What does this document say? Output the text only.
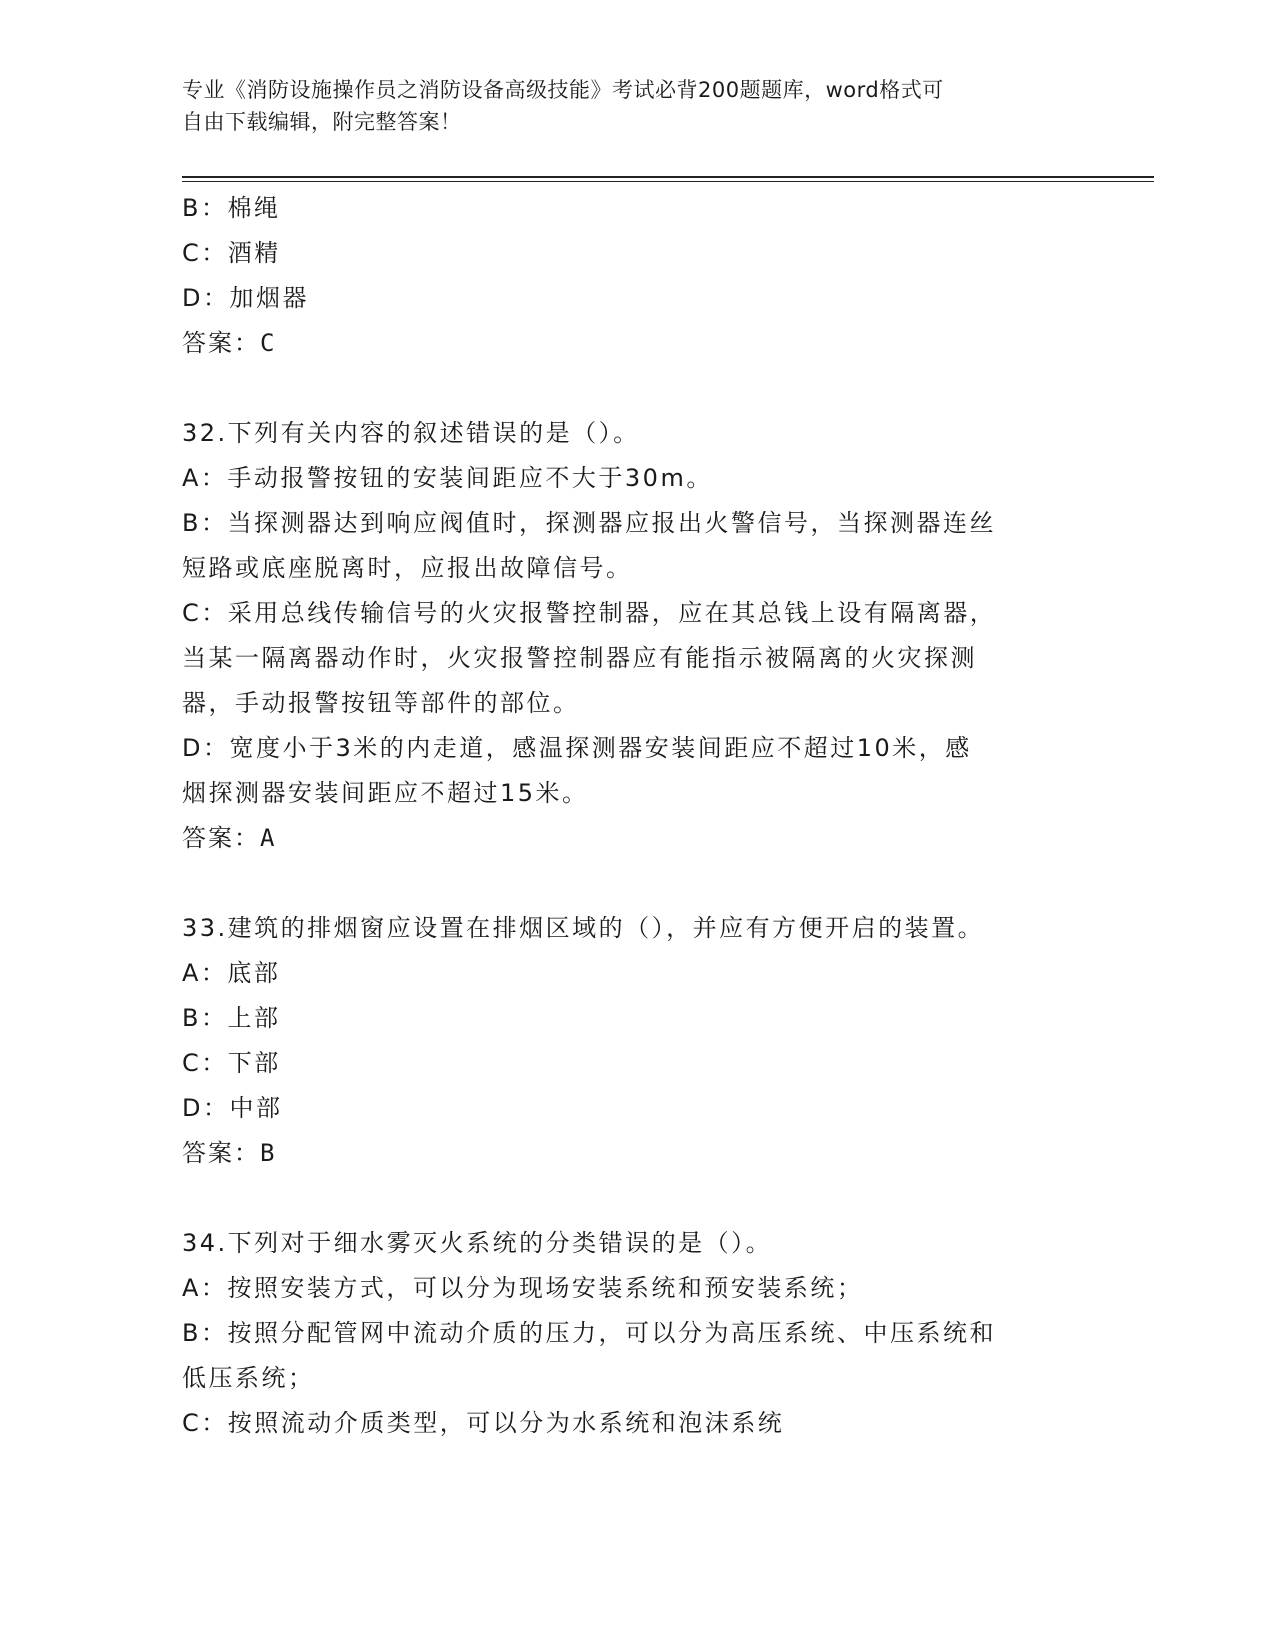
专业《消防设施操作员之消防设备高级技能》考试必背200题题库，word格式可
自由下载编辑，附完整答案！
B：棉绳
C：酒精
D：加烟器
答案：C
32.下列有关内容的叙述错误的是（）。
A：手动报警按钮的安装间距应不大于30m。
B：当探测器达到响应阀值时，探测器应报出火警信号，当探测器连丝
短路或底座脱离时，应报出故障信号。
C：采用总线传输信号的火灾报警控制器，应在其总钱上设有隔离器，
当某一隔离器动作时，火灾报警控制器应有能指示被隔离的火灾探测
器，手动报警按钮等部件的部位。
D：宽度小于3米的内走道，感温探测器安装间距应不超过10米，感
烟探测器安装间距应不超过15米。
答案：A
33.建筑的排烟窗应设置在排烟区域的（），并应有方便开启的装置。
A：底部
B：上部
C：下部
D：中部
答案：B
34.下列对于细水雾灭火系统的分类错误的是（）。
A：按照安装方式，可以分为现场安装系统和预安装系统；
B：按照分配管网中流动介质的压力，可以分为高压系统、中压系统和
低压系统；
C：按照流动介质类型，可以分为水系统和泡沫系统
